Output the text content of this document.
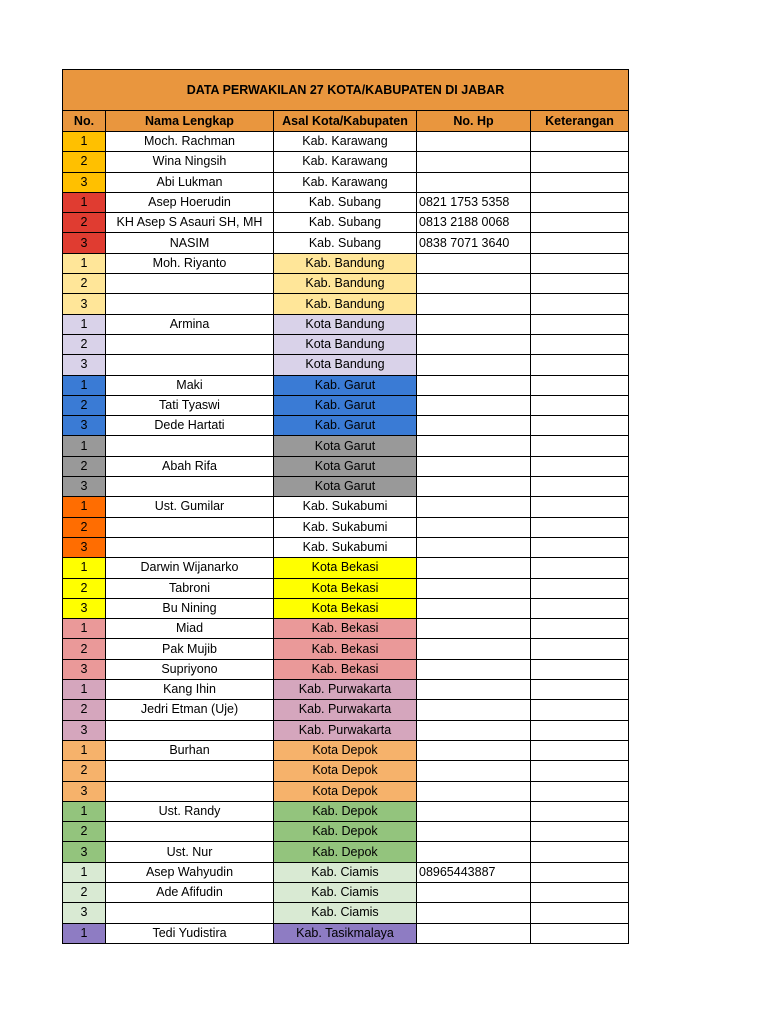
DATA PERWAKILAN 27 KOTA/KABUPATEN DI JABAR				
No.	Nama Lengkap	Asal Kota/Kabupaten	No. Hp	Keterangan
1	Moch. Rachman	Kab. Karawang		
2	Wina Ningsih	Kab. Karawang		
3	Abi Lukman	Kab. Karawang		
1	Asep Hoerudin	Kab. Subang	0821 1753 5358	
2	KH Asep S Asauri SH, MH	Kab. Subang	0813 2188 0068	
3	NASIM	Kab. Subang	0838 7071 3640	
1	Moh. Riyanto	Kab. Bandung		
2		Kab. Bandung		
3		Kab. Bandung		
1	Armina	Kota Bandung		
2		Kota Bandung		
3		Kota Bandung		
1	Maki	Kab. Garut		
2	Tati Tyaswi	Kab. Garut		
3	Dede Hartati	Kab. Garut		
1		Kota Garut		
2	Abah Rifa	Kota Garut		
3		Kota Garut		
1	Ust. Gumilar	Kab. Sukabumi		
2		Kab. Sukabumi		
3		Kab. Sukabumi		
1	Darwin Wijanarko	Kota Bekasi		
2	Tabroni	Kota Bekasi		
3	Bu Nining	Kota Bekasi		
1	Miad	Kab. Bekasi		
2	Pak Mujib	Kab. Bekasi		
3	Supriyono	Kab. Bekasi		
1	Kang Ihin	Kab. Purwakarta		
2	Jedri Etman (Uje)	Kab. Purwakarta		
3		Kab. Purwakarta		
1	Burhan	Kota Depok		
2		Kota Depok		
3		Kota Depok		
1	Ust. Randy	Kab. Depok		
2		Kab. Depok		
3	Ust. Nur	Kab. Depok		
1	Asep Wahyudin	Kab. Ciamis	08965443887	
2	Ade Afifudin	Kab. Ciamis		
3		Kab. Ciamis		
1	Tedi Yudistira	Kab. Tasikmalaya		
